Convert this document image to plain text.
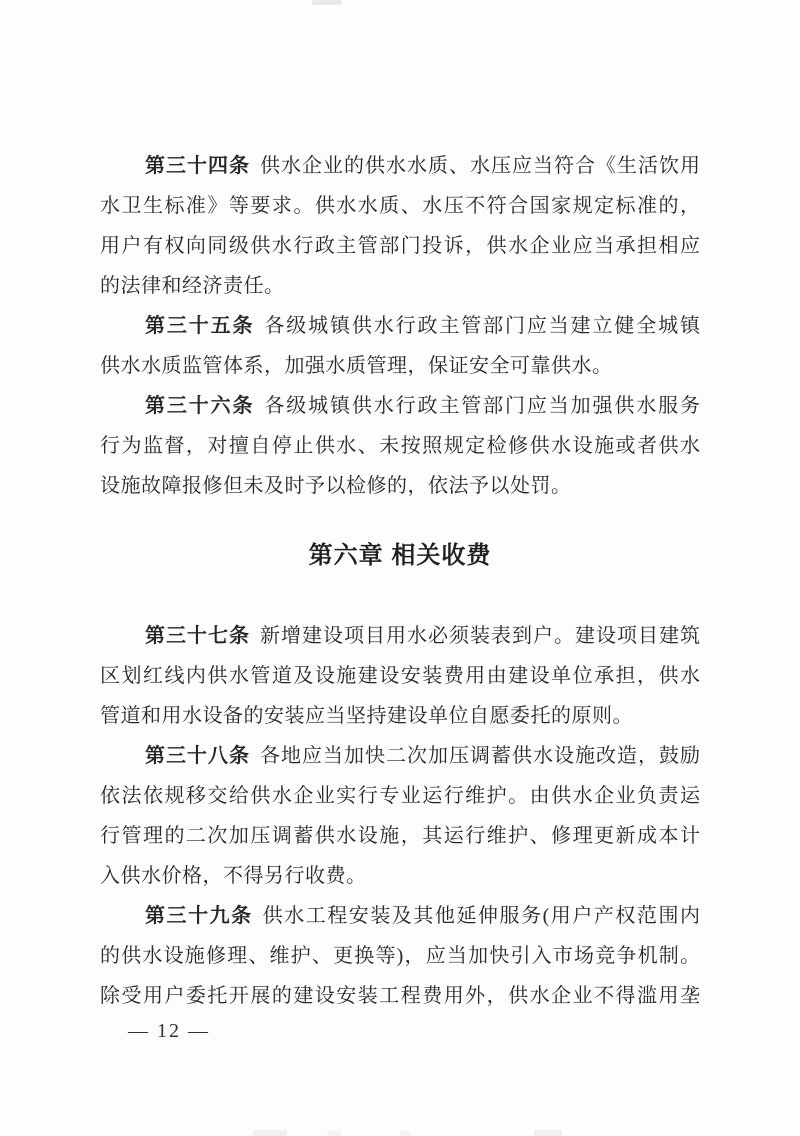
第三十四条 供水企业的供水水质、水压应当符合《生活饮用
水卫生标准》等要求。供水水质、水压不符合国家规定标准的，
用户有权向同级供水行政主管部门投诉，供水企业应当承担相应
的法律和经济责任。
第三十五条 各级城镇供水行政主管部门应当建立健全城镇
供水水质监管体系，加强水质管理，保证安全可靠供水。
第三十六条 各级城镇供水行政主管部门应当加强供水服务
行为监督，对擅自停止供水、未按照规定检修供水设施或者供水
设施故障报修但未及时予以检修的，依法予以处罚。
第六章 相关收费
第三十七条 新增建设项目用水必须装表到户。建设项目建筑
区划红线内供水管道及设施建设安装费用由建设单位承担，供水
管道和用水设备的安装应当坚持建设单位自愿委托的原则。
第三十八条 各地应当加快二次加压调蓄供水设施改造，鼓励
依法依规移交给供水企业实行专业运行维护。由供水企业负责运
行管理的二次加压调蓄供水设施，其运行维护、修理更新成本计
入供水价格，不得另行收费。
第三十九条 供水工程安装及其他延伸服务(用户产权范围内
的供水设施修理、维护、更换等)，应当加快引入市场竞争机制。
除受用户委托开展的建设安装工程费用外，供水企业不得滥用垄
— 12 —
